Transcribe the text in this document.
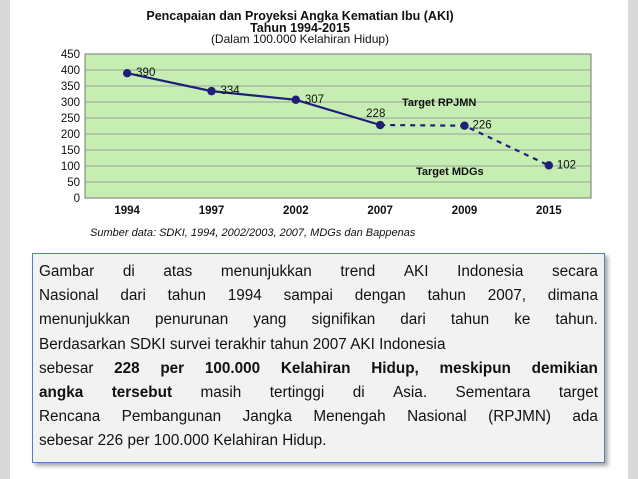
Pencapaian dan Proyeksi Angka Kematian Ibu (AKI)
Tahun 1994-2015
(Dalam 100.000 Kelahiran Hidup)
0
50
100
150
200
250
300
350
400
450
1994	1997	2002	2007	2009	2015
390
334
307
228
226
102
Target RPJMN
Target MDGs
Sumber data: SDKI, 1994, 2002/2003, 2007, MDGs dan Bappenas
Gambar di atas menunjukkan trend AKI Indonesia secara
Nasional dari tahun 1994 sampai dengan tahun 2007, dimana
menunjukkan penurunan yang signifikan dari tahun ke tahun.
Berdasarkan SDKI survei terakhir tahun 2007 AKI Indonesia
sebesar 228 per 100.000 Kelahiran Hidup, meskipun demikian
angka tersebut masih tertinggi di Asia. Sementara target
Rencana Pembangunan Jangka Menengah Nasional (RPJMN) ada
sebesar 226 per 100.000 Kelahiran Hidup.
